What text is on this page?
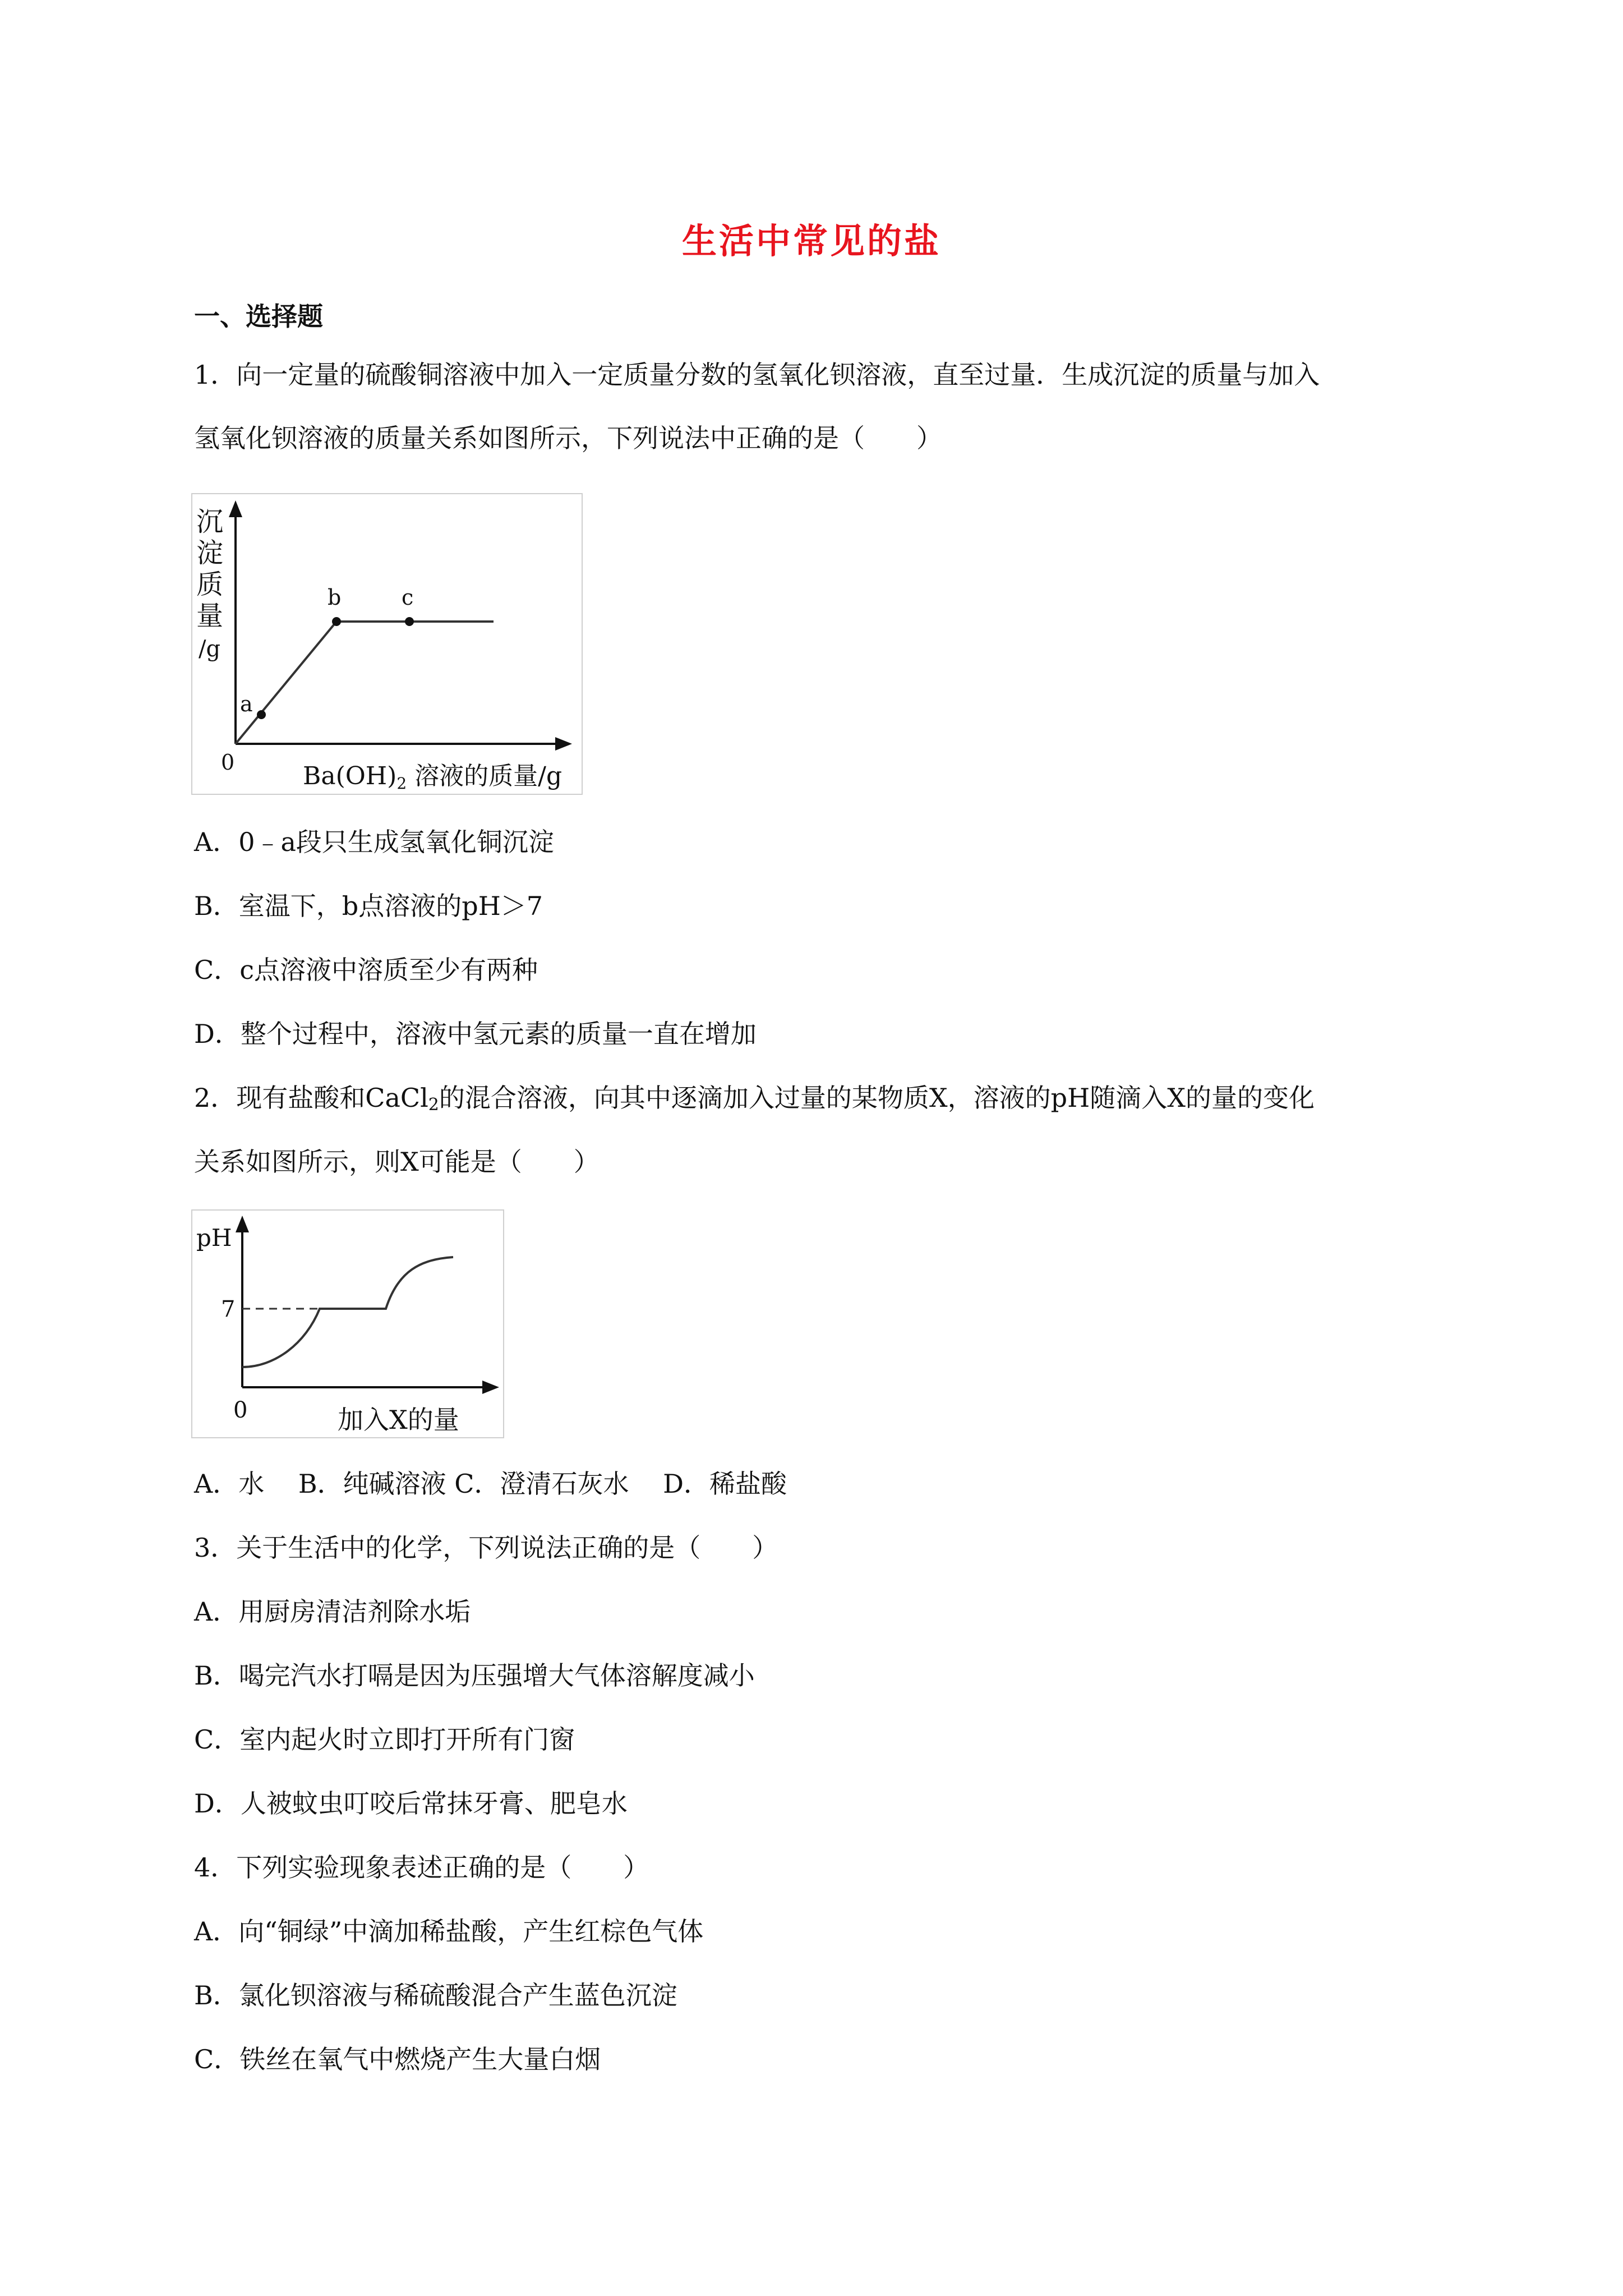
生活中常见的盐
一、选择题
1．向一定量的硫酸铜溶液中加入一定质量分数的氢氧化钡溶液，直至过量．生成沉淀的质量与加入
氢氧化钡溶液的质量关系如图所示，下列说法中正确的是（　　）
a
b	c
沉
淀
质
量
/g
0	Ba(OH)2 溶液的质量/g
A．0﹣a段只生成氢氧化铜沉淀
B．室温下，b点溶液的pH＞7
C．c点溶液中溶质至少有两种
D．整个过程中，溶液中氢元素的质量一直在增加
2．现有盐酸和CaCl$_2$的混合溶液，向其中逐滴加入过量的某物质X，溶液的pH随滴入X的量的变化
关系如图所示，则X可能是（　　）
pH
7
0	加入X的量
A．水　 B．纯碱溶液 C．澄清石灰水　 D．稀盐酸
3．关于生活中的化学，下列说法正确的是（　　）
A．用厨房清洁剂除水垢
B．喝完汽水打嗝是因为压强增大气体溶解度减小
C．室内起火时立即打开所有门窗
D．人被蚊虫叮咬后常抹牙膏、肥皂水
4．下列实验现象表述正确的是（　　）
A．向“铜绿”中滴加稀盐酸，产生红棕色气体
B．氯化钡溶液与稀硫酸混合产生蓝色沉淀
C．铁丝在氧气中燃烧产生大量白烟
